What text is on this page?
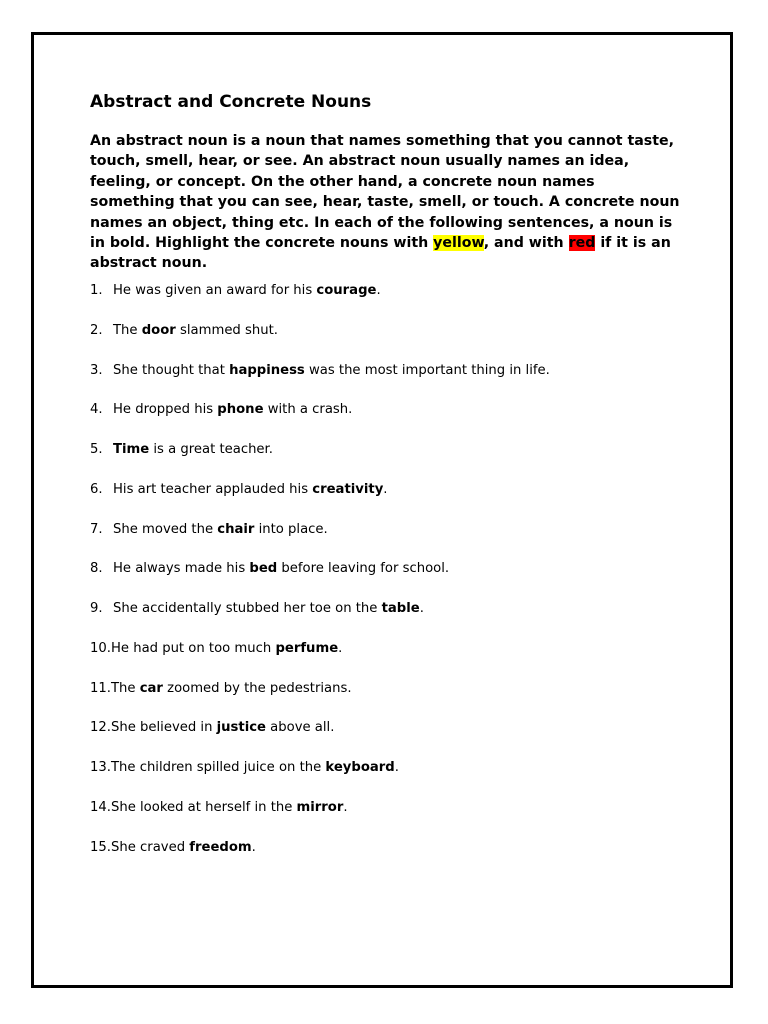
Abstract and Concrete Nouns

An abstract noun is a noun that names something that you cannot taste, touch, smell, hear, or see. An abstract noun usually names an idea, feeling, or concept. On the other hand, a concrete noun names something that you can see, hear, taste, smell, or touch. A concrete noun names an object, thing etc. In each of the following sentences, a noun is in bold. Highlight the concrete nouns with yellow, and with red if it is an abstract noun.

1. He was given an award for his courage.
2. The door slammed shut.
3. She thought that happiness was the most important thing in life.
4. He dropped his phone with a crash.
5. Time is a great teacher.
6. His art teacher applauded his creativity.
7. She moved the chair into place.
8. He always made his bed before leaving for school.
9. She accidentally stubbed her toe on the table.
10. He had put on too much perfume.
11. The car zoomed by the pedestrians.
12. She believed in justice above all.
13. The children spilled juice on the keyboard.
14. She looked at herself in the mirror.
15. She craved freedom.
